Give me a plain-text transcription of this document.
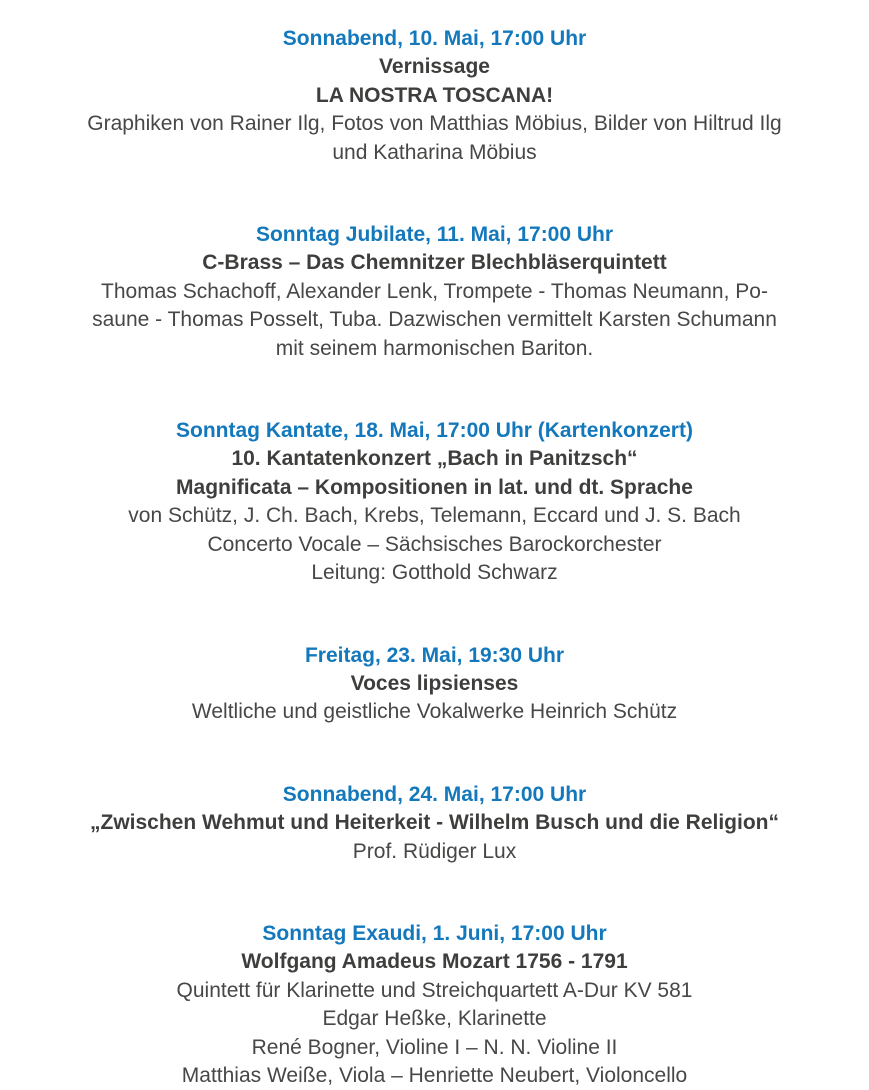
Sonnabend, 10. Mai, 17:00 Uhr
Vernissage
LA NOSTRA TOSCANA!
Graphiken von Rainer Ilg, Fotos von Matthias Möbius, Bilder von Hiltrud Ilg
und Katharina Möbius
Sonntag Jubilate, 11. Mai, 17:00 Uhr
C-Brass – Das Chemnitzer Blechbläserquintett
Thomas Schachoff, Alexander Lenk, Trompete - Thomas Neumann, Po-
saune - Thomas Posselt, Tuba. Dazwischen vermittelt Karsten Schumann
mit seinem harmonischen Bariton.
Sonntag Kantate, 18. Mai, 17:00 Uhr (Kartenkonzert)
10. Kantatenkonzert „Bach in Panitzsch“
Magnificata – Kompositionen in lat. und dt. Sprache
von Schütz, J. Ch. Bach, Krebs, Telemann, Eccard und J. S. Bach
Concerto Vocale – Sächsisches Barockorchester
Leitung: Gotthold Schwarz
Freitag, 23. Mai, 19:30 Uhr
Voces lipsienses
Weltliche und geistliche Vokalwerke Heinrich Schütz
Sonnabend, 24. Mai, 17:00 Uhr
„Zwischen Wehmut und Heiterkeit - Wilhelm Busch und die Religion“
Prof. Rüdiger Lux
Sonntag Exaudi, 1. Juni, 17:00 Uhr
Wolfgang Amadeus Mozart 1756 - 1791
Quintett für Klarinette und Streichquartett A-Dur KV 581
Edgar Heßke, Klarinette
René Bogner, Violine I – N. N. Violine II
Matthias Weiße, Viola – Henriette Neubert, Violoncello
